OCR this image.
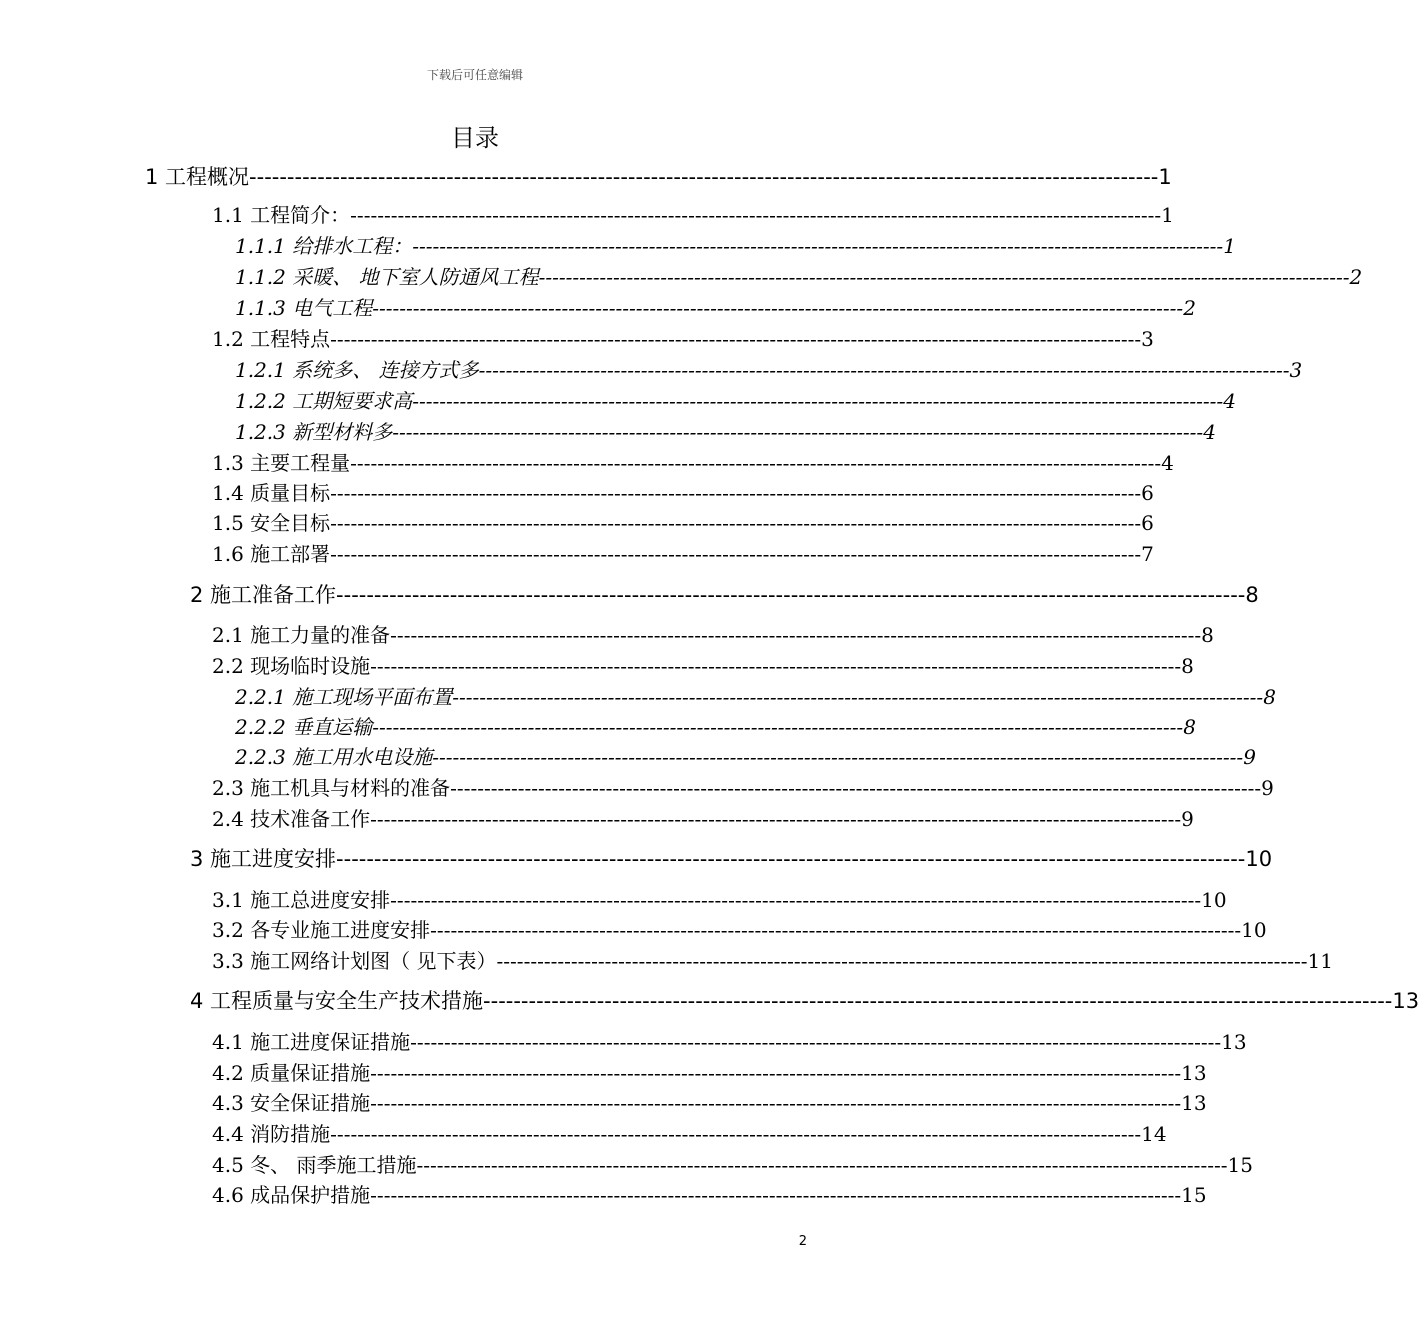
下载后可任意编辑
目录
1 工程概况 ------------------------------------------------------------------------------------------------------------------------ 1
1.1 工程简介： ------------------------------------------------------------------------------------------------------------------------ 1
1.1.1 给排水工程： ------------------------------------------------------------------------------------------------------------------------ 1
1.1.2 采暖、 地下室人防通风工程 ------------------------------------------------------------------------------------------------------------------------ 2
1.1.3 电气工程 ------------------------------------------------------------------------------------------------------------------------ 2
1.2 工程特点 ------------------------------------------------------------------------------------------------------------------------ 3
1.2.1 系统多、 连接方式多 ------------------------------------------------------------------------------------------------------------------------ 3
1.2.2 工期短要求高 ------------------------------------------------------------------------------------------------------------------------ 4
1.2.3 新型材料多 ------------------------------------------------------------------------------------------------------------------------ 4
1.3 主要工程量 ------------------------------------------------------------------------------------------------------------------------ 4
1.4 质量目标 ------------------------------------------------------------------------------------------------------------------------ 6
1.5 安全目标 ------------------------------------------------------------------------------------------------------------------------ 6
1.6 施工部署 ------------------------------------------------------------------------------------------------------------------------ 7
2 施工准备工作 ------------------------------------------------------------------------------------------------------------------------ 8
2.1 施工力量的准备 ------------------------------------------------------------------------------------------------------------------------ 8
2.2 现场临时设施 ------------------------------------------------------------------------------------------------------------------------ 8
2.2.1 施工现场平面布置 ------------------------------------------------------------------------------------------------------------------------ 8
2.2.2 垂直运输 ------------------------------------------------------------------------------------------------------------------------ 8
2.2.3 施工用水电设施 ------------------------------------------------------------------------------------------------------------------------ 9
2.3 施工机具与材料的准备 ------------------------------------------------------------------------------------------------------------------------ 9
2.4 技术准备工作 ------------------------------------------------------------------------------------------------------------------------ 9
3 施工进度安排 ------------------------------------------------------------------------------------------------------------------------ 10
3.1 施工总进度安排 ------------------------------------------------------------------------------------------------------------------------ 10
3.2 各专业施工进度安排 ------------------------------------------------------------------------------------------------------------------------ 10
3.3 施工网络计划图（ 见下表） ------------------------------------------------------------------------------------------------------------------------ 11
4 工程质量与安全生产技术措施 ------------------------------------------------------------------------------------------------------------------------ 13
4.1 施工进度保证措施 ------------------------------------------------------------------------------------------------------------------------ 13
4.2 质量保证措施 ------------------------------------------------------------------------------------------------------------------------ 13
4.3 安全保证措施 ------------------------------------------------------------------------------------------------------------------------ 13
4.4 消防措施 ------------------------------------------------------------------------------------------------------------------------ 14
4.5 冬、 雨季施工措施 ------------------------------------------------------------------------------------------------------------------------ 15
4.6 成品保护措施 ------------------------------------------------------------------------------------------------------------------------ 15
2
